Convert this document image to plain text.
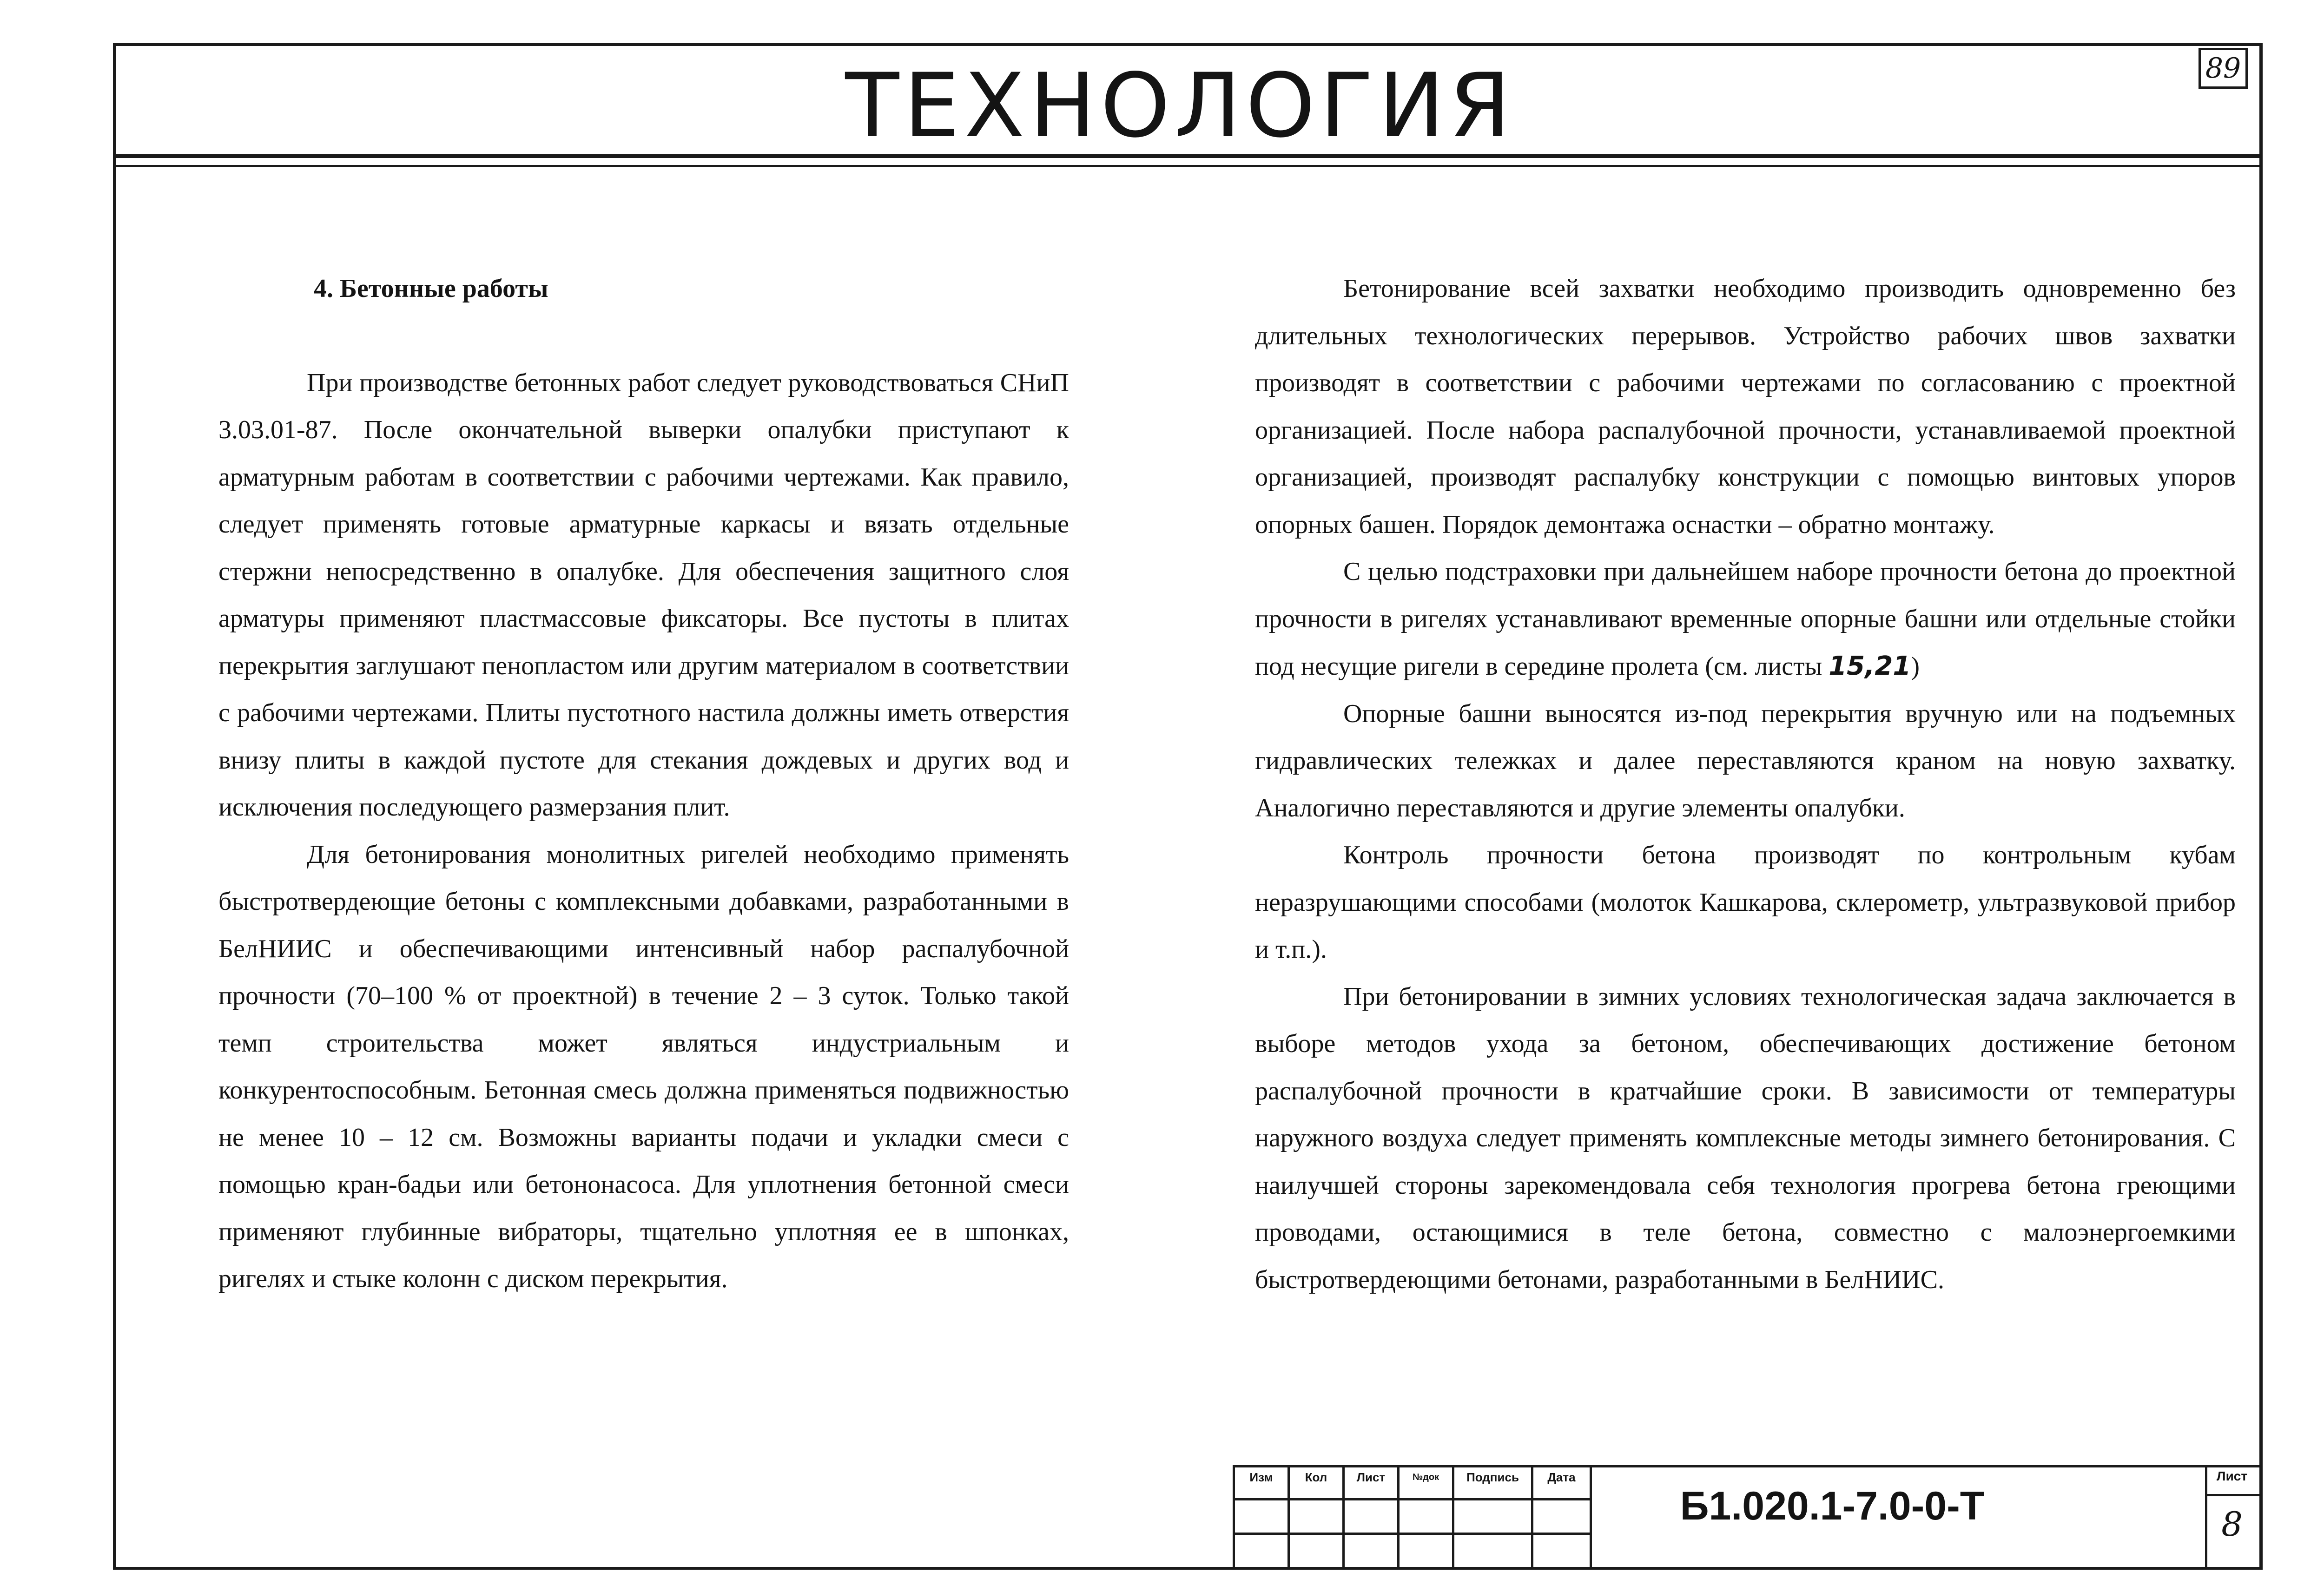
ТЕХНОЛОГИЯ	89

4. Бетонные работы

При производстве бетонных работ следует руководствоваться СНиП 3.03.01-87. После окончательной выверки опалубки приступают к арматурным работам в соответствии с рабочими чертежами. Как правило, следует применять готовые арматурные каркасы и вязать отдельные стержни непосредственно в опалубке. Для обеспечения защитного слоя арматуры применяют пластмассовые фиксаторы. Все пустоты в плитах перекрытия заглушают пенопластом или другим материалом в соответствии с рабочими чертежами. Плиты пустотного настила должны иметь отверстия внизу плиты в каждой пустоте для стекания дождевых и других вод и исключения последующего размерзания плит.

Для бетонирования монолитных ригелей необходимо применять быстротвердеющие бетоны с комплексными добавками, разработанными в БелНИИС и обеспечивающими интенсивный набор распалубочной прочности (70–100 % от проектной) в течение 2 – 3 суток. Только такой темп строительства может являться индустриальным и конкурентоспособным. Бетонная смесь должна применяться подвижностью не менее 10 – 12 см. Возможны варианты подачи и укладки смеси с помощью кран-бадьи или бетононасоса. Для уплотнения бетонной смеси применяют глубинные вибраторы, тщательно уплотняя ее в шпонках, ригелях и стыке колонн с диском перекрытия.

Бетонирование всей захватки необходимо производить одновременно без длительных технологических перерывов. Устройство рабочих швов захватки производят в соответствии с рабочими чертежами по согласованию с проектной организацией. После набора распалубочной прочности, устанавливаемой проектной организацией, производят распалубку конструкции с помощью винтовых упоров опорных башен. Порядок демонтажа оснастки – обратно монтажу.

С целью подстраховки при дальнейшем наборе прочности бетона до проектной прочности в ригелях устанавливают временные опорные башни или отдельные стойки под несущие ригели в середине пролета (см. листы 15,21)

Опорные башни выносятся из-под перекрытия вручную или на подъемных гидравлических тележках и далее переставляются краном на новую захватку. Аналогично переставляются и другие элементы опалубки.

Контроль прочности бетона производят по контрольным кубам неразрушающими способами (молоток Кашкарова, склерометр, ультразвуковой прибор и т.п.).

При бетонировании в зимних условиях технологическая задача заключается в выборе методов ухода за бетоном, обеспечивающих достижение бетоном распалубочной прочности в кратчайшие сроки. В зависимости от температуры наружного воздуха следует применять комплексные методы зимнего бетонирования. С наилучшей стороны зарекомендовала себя технология прогрева бетона греющими проводами, остающимися в теле бетона, совместно с малоэнергоемкими быстротвердеющими бетонами, разработанными в БелНИИС.

Изм	Кол	Лист	№док	Подпись	Дата
Б1.020.1-7.0-0-Т
Лист
8
